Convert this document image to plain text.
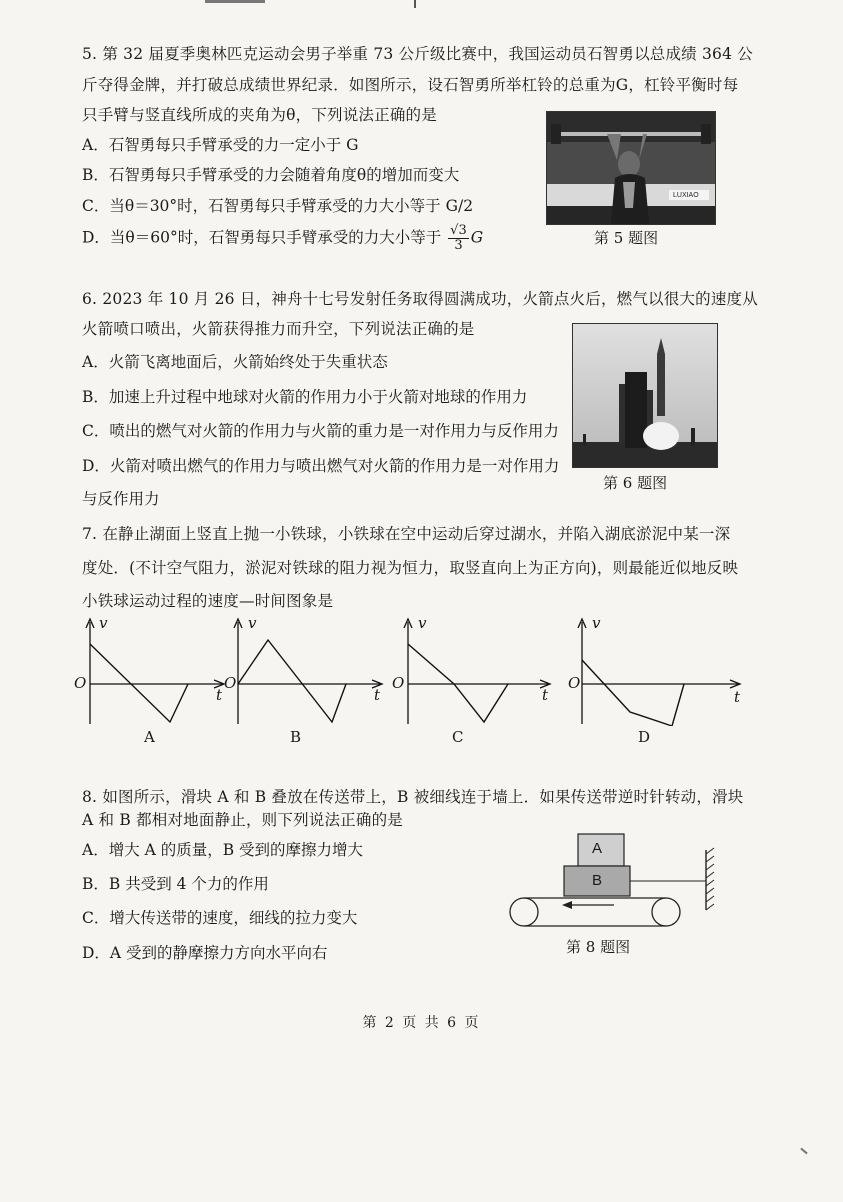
5. 第 32 届夏季奥林匹克运动会男子举重 73 公斤级比赛中，我国运动员石智勇以总成绩 364 公
斤夺得金牌，并打破总成绩世界纪录．如图所示，设石智勇所举杠铃的总重为G，杠铃平衡时每
只手臂与竖直线所成的夹角为θ，下列说法正确的是
A．石智勇每只手臂承受的力一定小于 G
B．石智勇每只手臂承受的力会随着角度θ的增加而变大
C．当θ＝30°时，石智勇每只手臂承受的力大小等于 G/2
D．当θ＝60°时，石智勇每只手臂承受的力大小等于 $\frac{√3}{3}$ G
LUXIAO
第 5 题图
6. 2023 年 10 月 26 日，神舟十七号发射任务取得圆满成功，火箭点火后，燃气以很大的速度从
火箭喷口喷出，火箭获得推力而升空，下列说法正确的是
A．火箭飞离地面后，火箭始终处于失重状态
B．加速上升过程中地球对火箭的作用力小于火箭对地球的作用力
C．喷出的燃气对火箭的作用力与火箭的重力是一对作用力与反作用力
D．火箭对喷出燃气的作用力与喷出燃气对火箭的作用力是一对作用力
与反作用力
第 6 题图
7. 在静止湖面上竖直上抛一小铁球，小铁球在空中运动后穿过湖水，并陷入湖底淤泥中某一深
度处．(不计空气阻力，淤泥对铁球的阻力视为恒力，取竖直向上为正方向)，则最能近似地反映
小铁球运动过程的速度—时间图象是
v
O
t
A
v
O
t
B
v
O
t
C
v
O
t
D
8. 如图所示，滑块 A 和 B 叠放在传送带上，B 被细线连于墙上．如果传送带逆时针转动，滑块
A 和 B 都相对地面静止，则下列说法正确的是
A．增大 A 的质量，B 受到的摩擦力增大
B．B 共受到 4 个力的作用
C．增大传送带的速度，细线的拉力变大
D．A 受到的静摩擦力方向水平向右
A
B
第 8 题图
第 2 页 共 6 页
